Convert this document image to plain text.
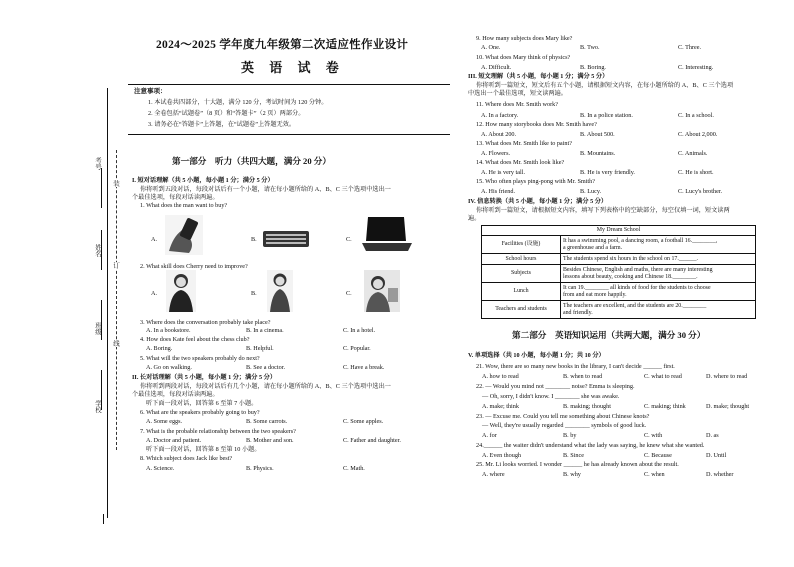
2024～2025 学年度九年级第二次适应性作业设计
英 语 试 卷
考号
姓名
班级
学校
装
订
线
注意事项：
1. 本试卷共四部分，十大题，满分 120 分，考试时间为 120 分钟。
2. 全卷包括“试题卷”（8 页）和“答题卡”（2 页）两部分。
3. 请务必在“答题卡”上答题，在“试题卷”上答题无效。
第一部分　听力（共四大题，满分 20 分）
I. 短对话理解（共 5 小题，每小题 1 分；满分 5 分）
你将听到五段对话，每段对话后有一个小题，请在每小题所给的 A、B、C 三个选项中选出一
个最佳选项，每段对话读两遍。
1. What does the man want to buy?
A.	B.	C.
2. What skill does Cherry need to improve?
A.	B.	C.
3. Where does the conversation probably take place?
A. In a bookstore.	B. In a cinema.	C. In a hotel.
4. How does Kate feel about the chess club?
A. Boring.	B. Helpful.	C. Popular.
5. What will the two speakers probably do next?
A. Go on walking.	B. See a doctor.	C. Have a break.
II. 长对话理解（共 5 小题，每小题 1 分；满分 5 分）
你将听到两段对话，每段对话后有几个小题，请在每小题所给的 A、B、C 三个选项中选出一
个最佳选项，每段对话读两遍。
听下面一段对话，回答第 6 至第 7 小题。
6. What are the speakers probably going to buy?
A. Some eggs.	B. Some carrots.	C. Some apples.
7. What is the probable relationship between the two speakers?
A. Doctor and patient.	B. Mother and son.	C. Father and daughter.
听下面一段对话，回答第 8 至第 10 小题。
8. Which subject does Jack like best?
A. Science.	B. Physics.	C. Math.
9. How many subjects does Mary like?
A. One.	B. Two.	C. Three.
10. What does Mary think of physics?
A. Difficult.	B. Boring.	C. Interesting.
III. 短文理解（共 5 小题，每小题 1 分；满分 5 分）
你将听到一篇短文，短文后有五个小题，请根据短文内容，在每小题所给的 A、B、C 三个选项
中选出一个最佳选项，短文读两遍。
11. Where does Mr. Smith work?
A. In a factory.	B. In a police station.	C. In a school.
12. How many storybooks does Mr. Smith have?
A. About 200.	B. About 500.	C. About 2,000.
13. What does Mr. Smith like to paint?
A. Flowers.	B. Mountains.	C. Animals.
14. What does Mr. Smith look like?
A. He is very tall.	B. He is very friendly.	C. He is short.
15. Who often plays ping-pong with Mr. Smith?
A. His friend.	B. Lucy.	C. Lucy's brother.
IV. 信息转换（共 5 小题，每小题 1 分；满分 5 分）
你将听到一篇短文，请根据短文内容，填写下列表格中的空缺部分，每空仅填一词，短文读两
遍。
My Dream School	
Facilities (设施)	It has a swimming pool, a dancing room, a football 16.________,
a greenhouse and a farm.
School hours	The students spend six hours in the school on 17.______.
Subjects	Besides Chinese, English and maths, there are many interesting
lessons about beauty, cooking and Chinese 18.________.
Lunch	It can 19.________ all kinds of food for the students to choose
from and eat more happily.
Teachers and students	The teachers are excellent, and the students are 20.________
and friendly.
第二部分　英语知识运用（共两大题，满分 30 分）
V. 单项选择（共 10 小题，每小题 1 分；共 10 分）
21. Wow, there are so many new books in the library, I can't decide ______ first.
A. how to read	B. when to read	C. what to read	D. where to read
22. — Would you mind not ________ noise? Emma is sleeping.
— Oh, sorry, I didn't know. I ________ she was awake.
A. make; think	B. making; thought	C. making; think	D. make; thought
23. — Excuse me. Could you tell me something about Chinese knots?
— Well, they're usually regarded ________ symbols of good luck.
A. for	B. by	C. with	D. as
24.______ the waiter didn't understand what the lady was saying, he knew what she wanted.
A. Even though	B. Since	C. Because	D. Until
25. Mr. Li looks worried. I wonder ______ he has already known about the result.
A. where	B. why	C. when	D. whether
